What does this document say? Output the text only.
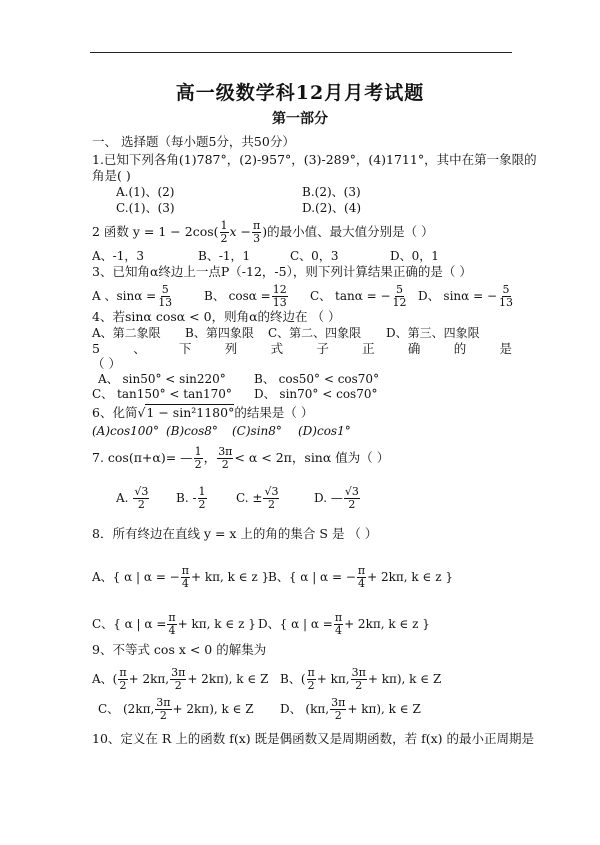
高一级数学科12月月考试题
第一部分
一、 选择题（每小题5分，共50分）
1.已知下列各角(1)787°，(2)-957°，(3)-289°，(4)1711°，其中在第一象限的
角是( )
A.(1)、(2)	B.(2)、(3)
C.(1)、(3)	D.(2)、(4)
2 函数 $y = 1 - 2\cos( \frac{1}{2}$ $x - \frac{\pi}{3}$ )的最小值、最大值分别是（ ）
A、-1，3	B、-1，1	C、0，3	D、0，1
3、已知角α终边上一点P（-12，-5），则下列计算结果正确的是（ ）
A 、$\sin\alpha = \frac{5}{13}$	B、 $\cos\alpha = \frac{12}{13}$ C、 tanα = − $\frac{5}{12}$ D、 sinα = − $\frac{5}{13}$
4、若sinα cosα < 0，则角α的终边在 （ ）
A、第二象限 B、第四象限 C、第二、四象限 D、第三、四象限
5	、	下	列	式	子	正	确	的	是
（ ）
A、 sin50° < sin220° B、 cos50° < cos70°
C、 tan150° < tan170° D、 sin70° < cos70°
6、化简√1 − sin²1180°的结果是（ ）
(A)cos100° (B)cos8° (C)sin8° (D)cos1°
7. cos(π+α)= — $\frac{1}{2}$ ， $\frac{3\pi}{2} < \alpha < 2\pi$，sinα 值为（ ）
A. $\frac{√3}{2} B$. - $\frac{1}{2} C$. ± $\frac{√3}{2}$	D. — $\frac{√3}{2}$
8．所有终边在直线 y = x 上的角的集合 S 是 （ ）
A、{ α | α = − $\frac{\pi}{4} + k\pi$, k ∈ z }
B、{ α | α = − $\frac{\pi}{4} + 2k\pi$, k ∈ z }
C、{ α | $\alpha = \frac{\pi}{4} + k\pi$, k ∈ z } D、{ α | $\alpha = \frac{\pi}{4} + 2k\pi$, k ∈ z }
9、不等式 cos x < 0 的解集为
A、( $\frac{\pi}{2} + 2k\pi$, $\frac{3\pi}{2} + 2k\pi$), k ∈ Z B、( $\frac{\pi}{2} + k\pi$, $\frac{3\pi}{2} + k\pi$), k ∈ Z
C、 (2kπ, $\frac{3\pi}{2} + 2k\pi$), k ∈ Z D、 (kπ, $\frac{3\pi}{2} + k\pi$), k ∈ Z
10、定义在 R 上的函数 f(x) 既是偶函数又是周期函数，若 f(x) 的最小正周期是
